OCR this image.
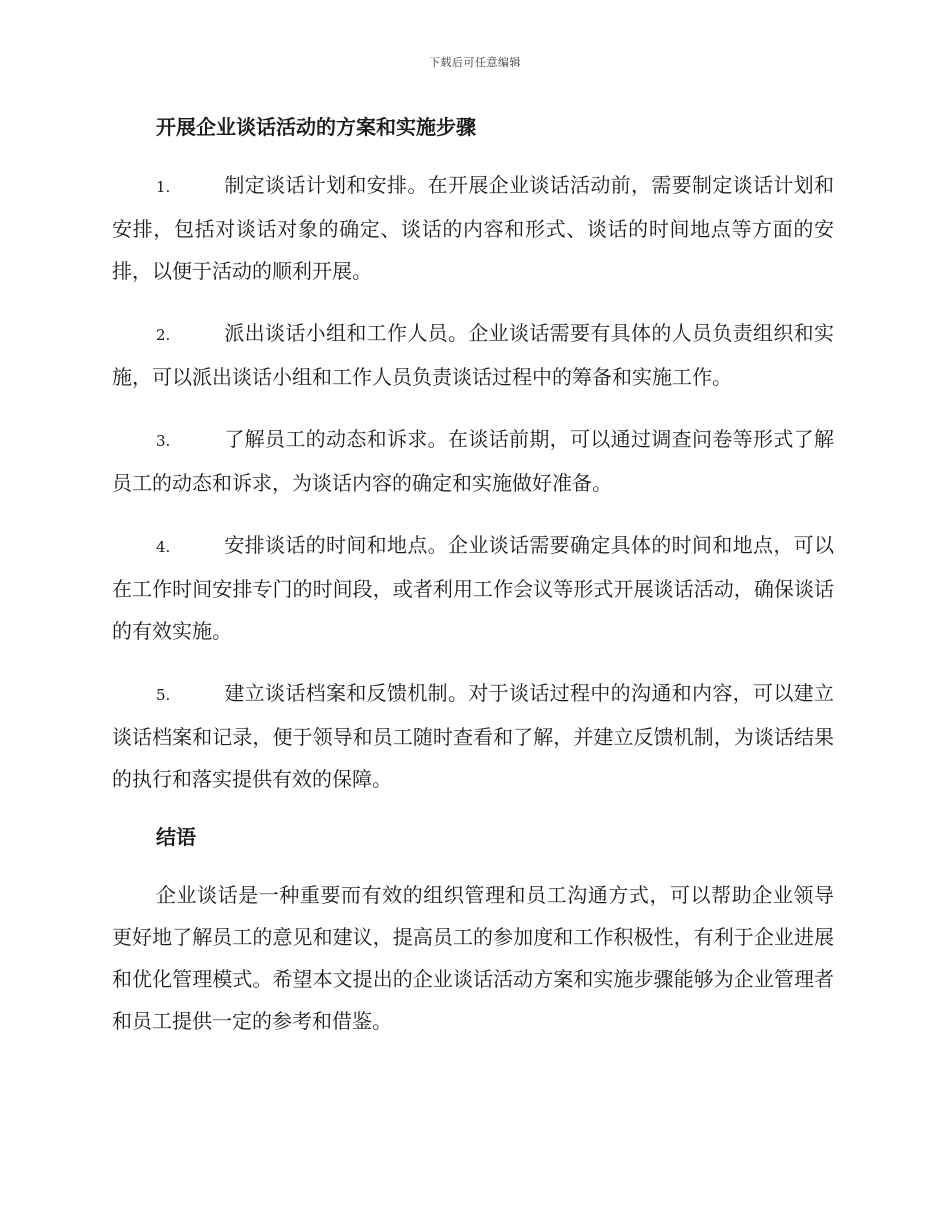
下载后可任意编辑
开展企业谈话活动的方案和实施步骤

1.	制定谈话计划和安排。在开展企业谈话活动前，需要制定谈话计划和安排，包括对谈话对象的确定、谈话的内容和形式、谈话的时间地点等方面的安排，以便于活动的顺利开展。

2.	派出谈话小组和工作人员。企业谈话需要有具体的人员负责组织和实施，可以派出谈话小组和工作人员负责谈话过程中的筹备和实施工作。

3.	了解员工的动态和诉求。在谈话前期，可以通过调查问卷等形式了解员工的动态和诉求，为谈话内容的确定和实施做好准备。

4.	安排谈话的时间和地点。企业谈话需要确定具体的时间和地点，可以在工作时间安排专门的时间段，或者利用工作会议等形式开展谈话活动，确保谈话的有效实施。

5.	建立谈话档案和反馈机制。对于谈话过程中的沟通和内容，可以建立谈话档案和记录，便于领导和员工随时查看和了解，并建立反馈机制，为谈话结果的执行和落实提供有效的保障。

结语

企业谈话是一种重要而有效的组织管理和员工沟通方式，可以帮助企业领导更好地了解员工的意见和建议，提高员工的参加度和工作积极性，有利于企业进展和优化管理模式。希望本文提出的企业谈话活动方案和实施步骤能够为企业管理者和员工提供一定的参考和借鉴。
